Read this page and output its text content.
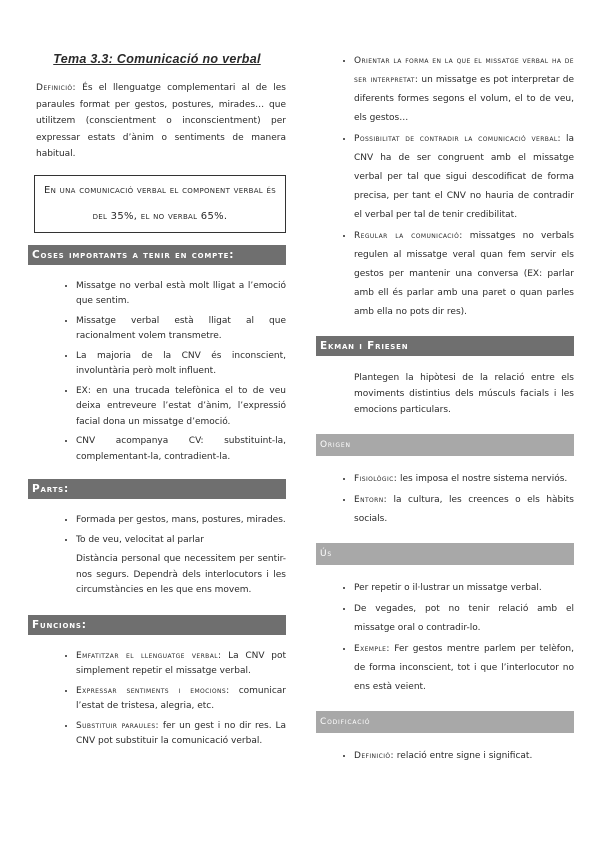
Tema 3.3: Comunicació no verbal

Definició: És el llenguatge complementari al de les paraules format per gestos, postures, mirades… que utilitzem (conscientment o inconscientment) per expressar estats d’ànim o sentiments de manera habitual.

En una comunicació verbal el component verbal és del 35%, el no verbal 65%.
Coses importants a tenir en compte:
• Missatge no verbal està molt lligat a l’emoció que sentim.
• Missatge verbal està lligat al que racionalment volem transmetre.
• La majoria de la CNV és inconscient, involuntària però molt influent.
• EX: en una trucada telefònica el to de veu deixa entreveure l’estat d’ànim, l’expressió facial dona un missatge d’emoció.
• CNV acompanya CV: substituint-la, complementant-la, contradient-la.
Parts:
• Formada per gestos, mans, postures, mirades.
• To de veu, velocitat al parlar

Distància personal que necessitem per sentir-nos segurs. Dependrà dels interlocutors i les circumstàncies en les que ens movem.

Funcions:
• Emfatitzar el llenguatge verbal: La CNV pot simplement repetir el missatge verbal.
• Expressar sentiments i emocions: comunicar l’estat de tristesa, alegria, etc.
• Substituir paraules: fer un gest i no dir res. La CNV pot substituir la comunicació verbal.
• Orientar la forma en la que el missatge verbal ha de ser interpretat: un missatge es pot interpretar de diferents formes segons el volum, el to de veu, els gestos…
• Possibilitat de contradir la comunicació verbal: la CNV ha de ser congruent amb el missatge verbal per tal que sigui descodificat de forma precisa, per tant el CNV no hauria de contradir el verbal per tal de tenir credibilitat.
• Regular la comunicació: missatges no verbals regulen al missatge veral quan fem servir els gestos per mantenir una conversa (EX: parlar amb ell és parlar amb una paret o quan parles amb ella no pots dir res).
Ekman i Friesen

Plantegen la hipòtesi de la relació entre els moviments distintius dels músculs facials i les emocions particulars.

Origen
• Fisiològic: les imposa el nostre sistema nerviós.
• Entorn: la cultura, les creences o els hàbits socials.
Ús
• Per repetir o il·lustrar un missatge verbal.
• De vegades, pot no tenir relació amb el missatge oral o contradir-lo.
• Exemple: Fer gestos mentre parlem per telèfon, de forma inconscient, tot i que l’interlocutor no ens està veient.
Codificació
• Definició: relació entre signe i significat.
